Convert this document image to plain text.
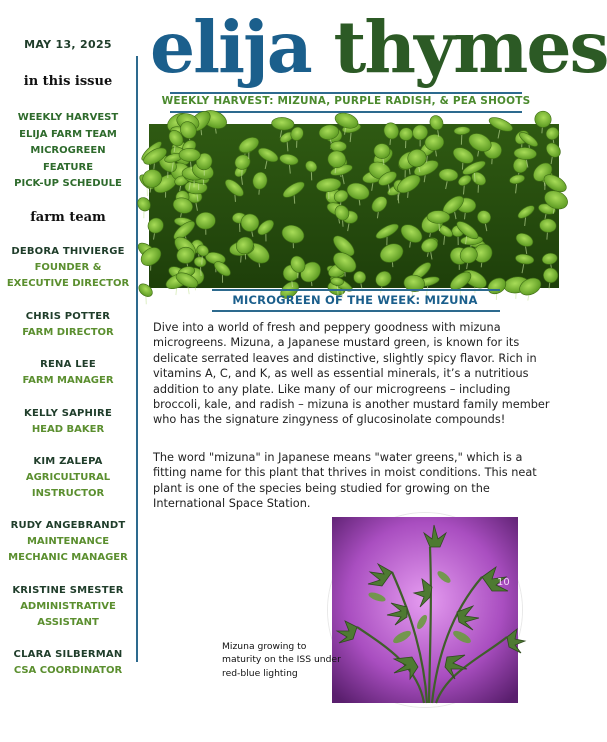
MAY 13, 2025
in this issue
WEEKLY HARVEST
ELIJA FARM TEAM
MICROGREEN
FEATURE
PICK-UP SCHEDULE
farm team
DEBORA THIVIERGE
FOUNDER &
EXECUTIVE DIRECTOR
CHRIS POTTER
FARM DIRECTOR
RENA LEE
FARM MANAGER
KELLY SAPHIRE
HEAD BAKER
KIM ZALEPA
AGRICULTURAL
INSTRUCTOR
RUDY ANGEBRANDT
MAINTENANCE
MECHANIC MANAGER
KRISTINE SMESTER
ADMINISTRATIVE
ASSISTANT
CLARA SILBERMAN
CSA COORDINATOR
elija thymes
WEEKLY HARVEST: MIZUNA, PURPLE RADISH, & PEA SHOOTS
MICROGREEN OF THE WEEK: MIZUNA

Dive into a world of fresh and peppery goodness with mizuna microgreens. Mizuna, a Japanese mustard green, is known for its delicate serrated leaves and distinctive, slightly spicy flavor. Rich in vitamins A, C, and K, as well as essential minerals, it’s a nutritious addition to any plate. Like many of our microgreens – including broccoli, kale, and radish – mizuna is another mustard family member who has the signature zingyness of glucosinolate compounds!

The word "mizuna" in Japanese means "water greens," which is a fitting name for this plant that thrives in moist conditions. This neat plant is one of the species being studied for growing on the International Space Station.

10
Mizuna growing to maturity on the ISS under red-blue lighting
